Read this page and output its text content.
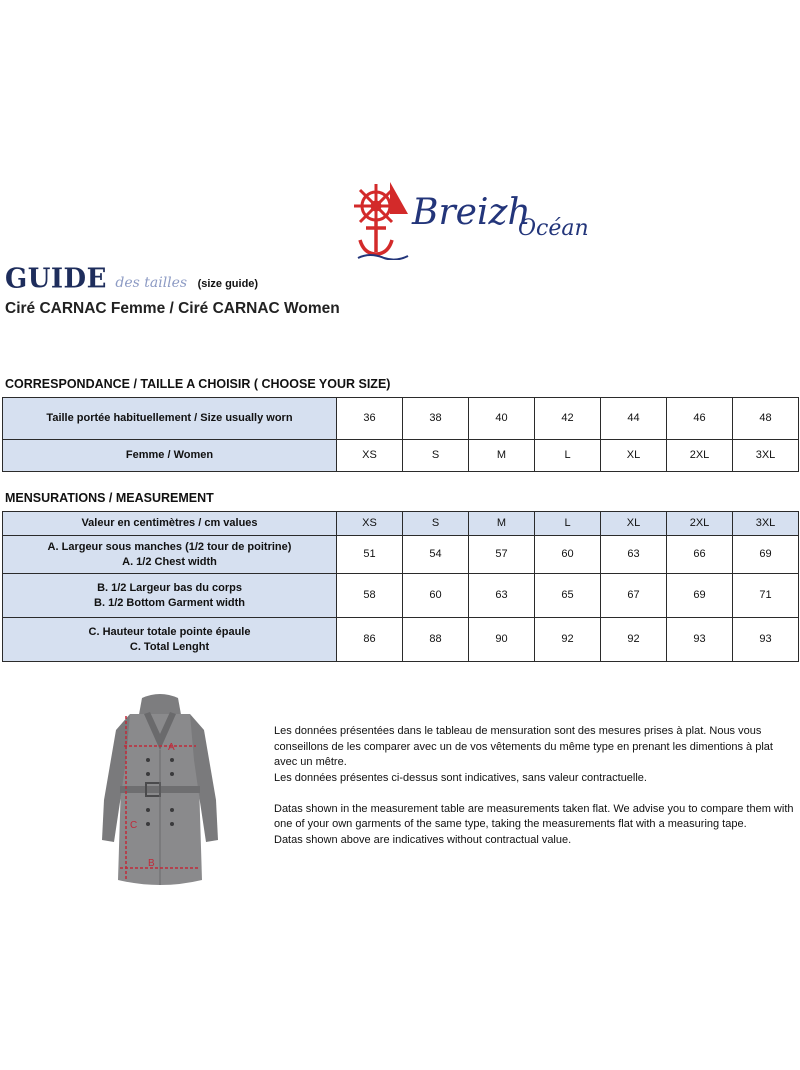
Breizh
Océan
GUIDE des tailles (size guide)
Ciré CARNAC Femme / Ciré CARNAC Women
CORRESPONDANCE / TAILLE A CHOISIR ( CHOOSE YOUR SIZE)
Taille portée habituellement / Size usually worn	36	38	40	42	44	46	48
Femme / Women	XS	S	M	L	XL	2XL	3XL
MENSURATIONS / MEASUREMENT
Valeur en centimètres / cm values	XS	S	M	L	XL	2XL	3XL

A. Largeur sous manches (1/2 tour de poitrine)
A. 1/2 Chest width	51	54	57	60	63	66	69

B. 1/2 Largeur bas du corps
B. 1/2 Bottom Garment width	58	60	63	65	67	69	71

C. Hauteur totale pointe épaule
C. Total Lenght	86	88	90	92	92	93	93
A
B
C

Les données présentées dans le tableau de mensuration sont des mesures prises à plat. Nous vous conseillons de les comparer avec un de vos vêtements du même type en prenant les dimentions à plat avec un mêtre.

Les données présentes ci-dessus sont indicatives, sans valeur contractuelle.

Datas shown in the measurement table are measurements taken flat. We advise you to compare them with one of your own garments of the same type, taking the measurements flat with a measuring tape.

Datas shown above are indicatives without contractual value.
